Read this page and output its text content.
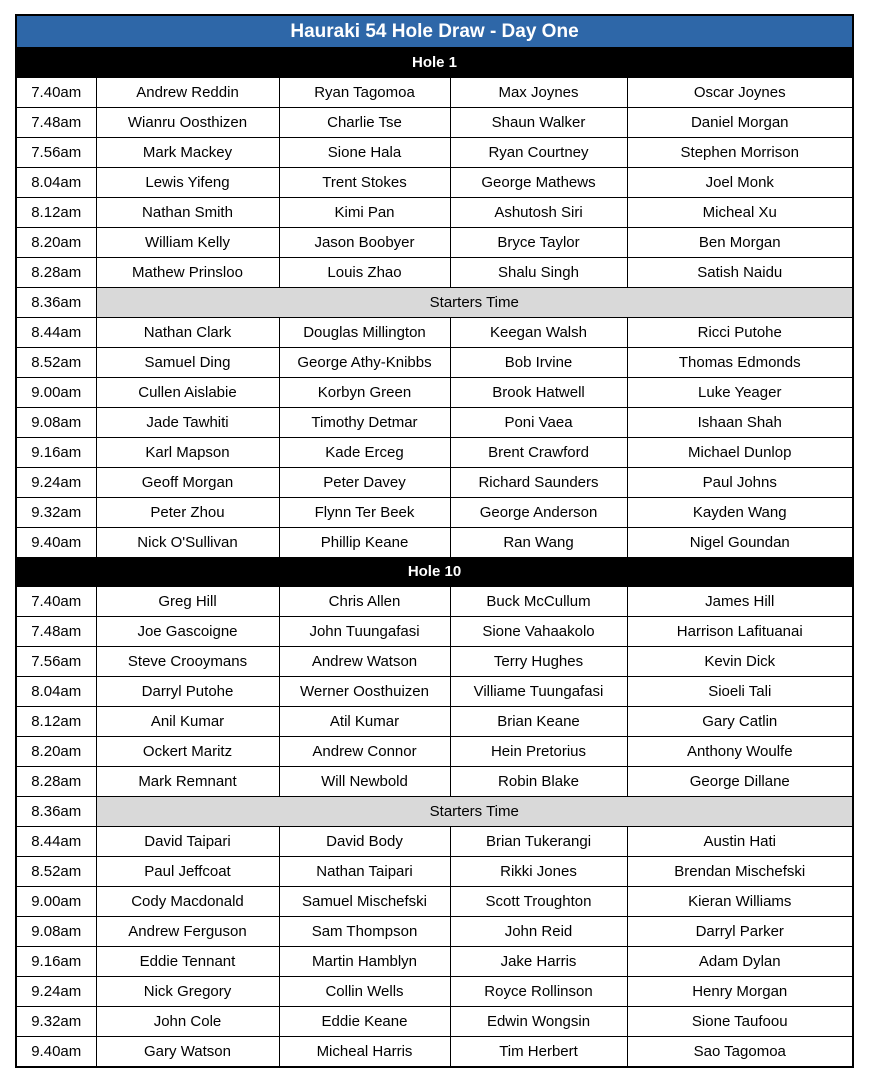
Hauraki 54 Hole Draw - Day One
Hole 1
7.40am	Andrew Reddin	Ryan Tagomoa	Max Joynes	Oscar Joynes
7.48am	Wianru Oosthizen	Charlie Tse	Shaun Walker	Daniel Morgan
7.56am	Mark Mackey	Sione Hala	Ryan Courtney	Stephen Morrison
8.04am	Lewis Yifeng	Trent Stokes	George Mathews	Joel Monk
8.12am	Nathan Smith	Kimi Pan	Ashutosh Siri	Micheal Xu
8.20am	William Kelly	Jason Boobyer	Bryce Taylor	Ben Morgan
8.28am	Mathew Prinsloo	Louis Zhao	Shalu Singh	Satish Naidu
8.36am	Starters Time			
8.44am	Nathan Clark	Douglas Millington	Keegan Walsh	Ricci Putohe
8.52am	Samuel Ding	George Athy-Knibbs	Bob Irvine	Thomas Edmonds
9.00am	Cullen Aislabie	Korbyn Green	Brook Hatwell	Luke Yeager
9.08am	Jade Tawhiti	Timothy Detmar	Poni Vaea	Ishaan Shah
9.16am	Karl Mapson	Kade Erceg	Brent Crawford	Michael Dunlop
9.24am	Geoff Morgan	Peter Davey	Richard Saunders	Paul Johns
9.32am	Peter Zhou	Flynn Ter Beek	George Anderson	Kayden Wang
9.40am	Nick O'Sullivan	Phillip Keane	Ran Wang	Nigel Goundan
Hole 10
7.40am	Greg Hill	Chris Allen	Buck McCullum	James Hill
7.48am	Joe Gascoigne	John Tuungafasi	Sione Vahaakolo	Harrison Lafituanai
7.56am	Steve Crooymans	Andrew Watson	Terry Hughes	Kevin Dick
8.04am	Darryl Putohe	Werner Oosthuizen	Villiame Tuungafasi	Sioeli Tali
8.12am	Anil Kumar	Atil Kumar	Brian Keane	Gary Catlin
8.20am	Ockert Maritz	Andrew Connor	Hein Pretorius	Anthony Woulfe
8.28am	Mark Remnant	Will Newbold	Robin Blake	George Dillane
8.36am	Starters Time			
8.44am	David Taipari	David Body	Brian Tukerangi	Austin Hati
8.52am	Paul Jeffcoat	Nathan Taipari	Rikki Jones	Brendan Mischefski
9.00am	Cody Macdonald	Samuel Mischefski	Scott Troughton	Kieran Williams
9.08am	Andrew Ferguson	Sam Thompson	John Reid	Darryl Parker
9.16am	Eddie Tennant	Martin Hamblyn	Jake Harris	Adam Dylan
9.24am	Nick Gregory	Collin Wells	Royce Rollinson	Henry Morgan
9.32am	John Cole	Eddie Keane	Edwin Wongsin	Sione Taufoou
9.40am	Gary Watson	Micheal Harris	Tim Herbert	Sao Tagomoa
